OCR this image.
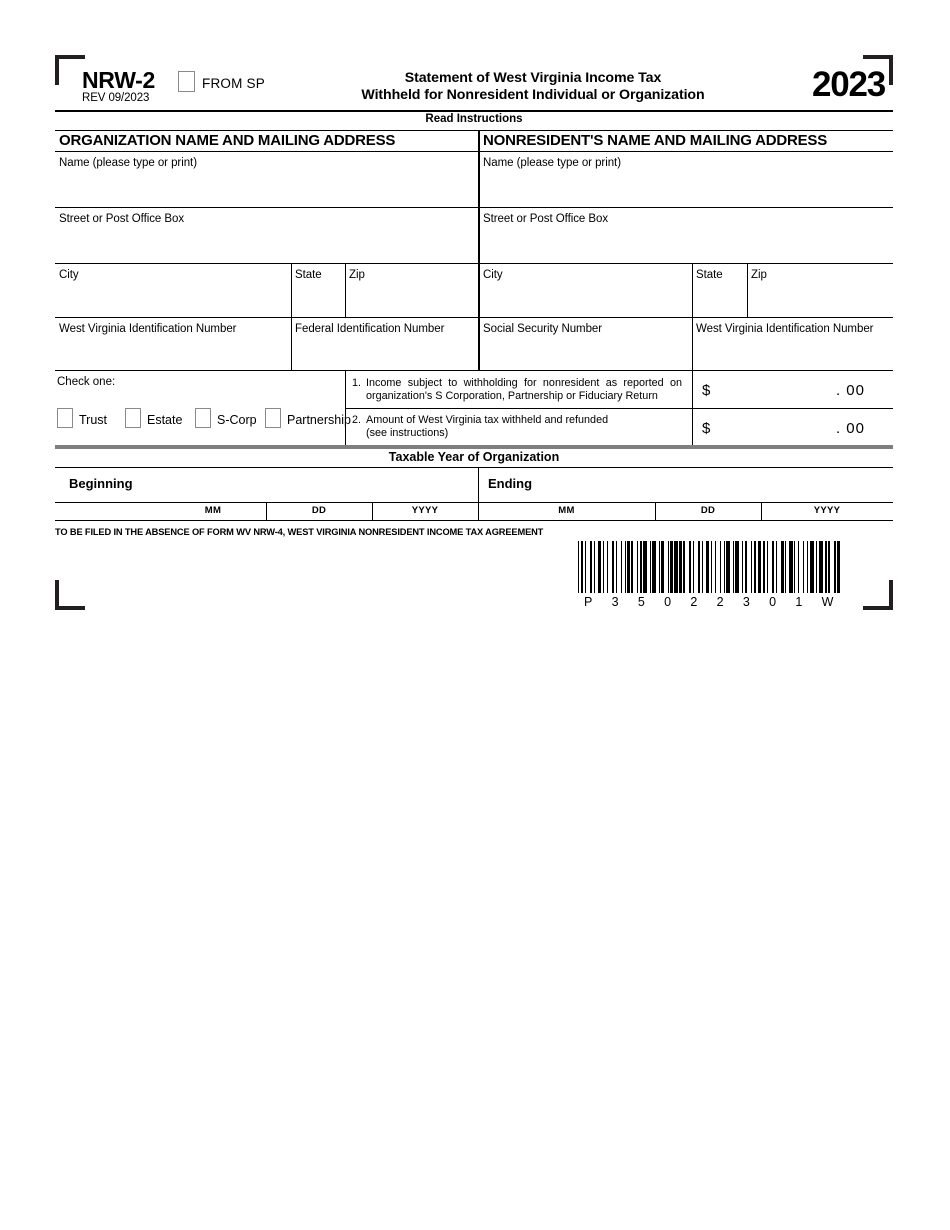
NRW-2
REV 09/2023
FROM SP	Statement of West Virginia Income Tax
Withheld for Nonresident Individual or Organization	2023
Read Instructions
ORGANIZATION NAME AND MAILING ADDRESS	NONRESIDENT'S NAME AND MAILING ADDRESS
Name (please type or print)	Name (please type or print)
Street or Post Office Box	Street or Post Office Box
City	State Zip	City	State Zip
West Virginia Identification Number	Federal Identification Number	Social Security Number	West Virginia Identification Number
Check one:
Trust	Estate	S-Corp	Partnership
1. Income subject to withholding for nonresident as reported on organization's S Corporation, Partnership or Fiduciary Return	$	. 00
2. Amount of West Virginia tax withheld and refunded
(see instructions)	$	. 00
Taxable Year of Organization
Beginning	Ending
MM	DD	YYYY	MM	DD	YYYY
TO BE FILED IN THE ABSENCE OF FORM WV NRW-4, WEST VIRGINIA NONRESIDENT INCOME TAX AGREEMENT
P 3 5 0 2 2 3 0 1 W
